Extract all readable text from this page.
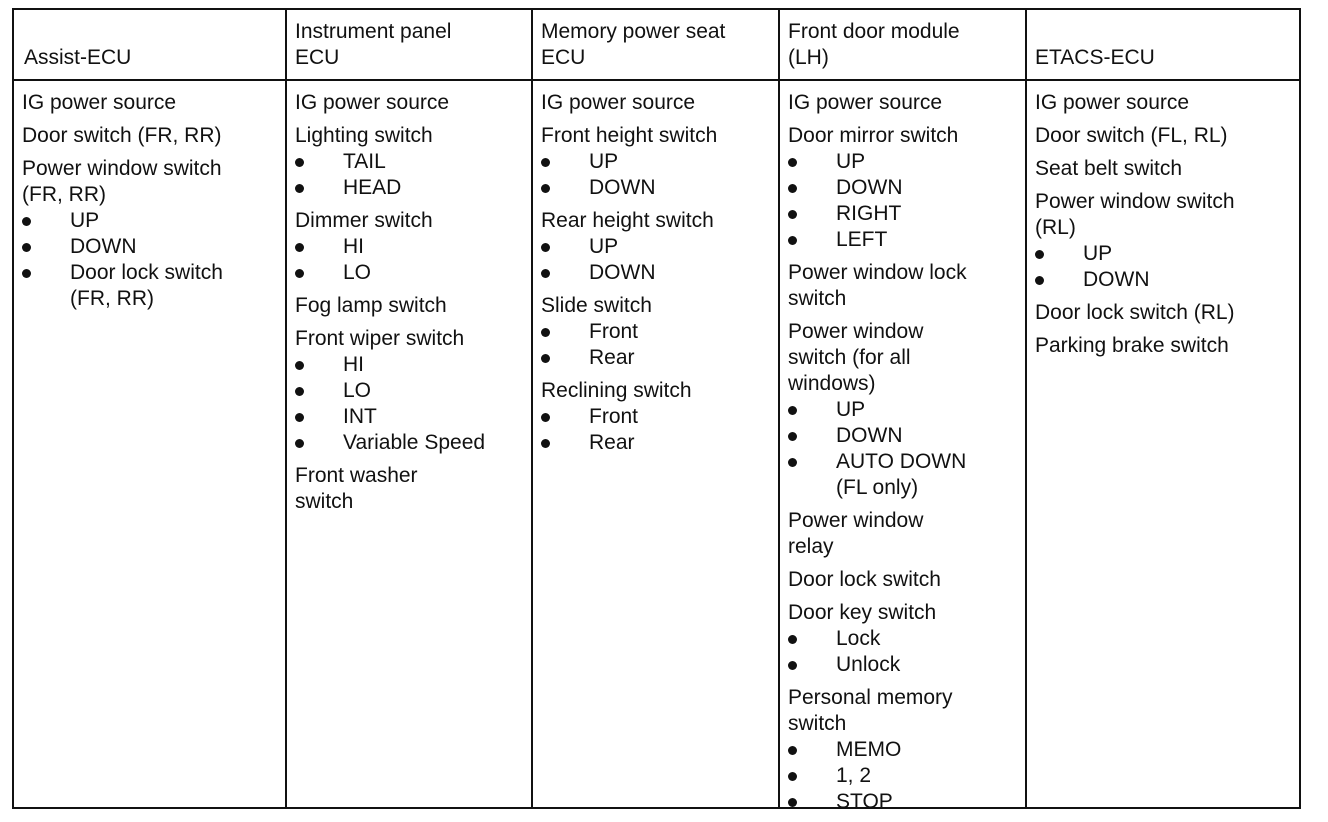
Assist-ECU
IG power source
Door switch (FR, RR)
Power window switch
(FR, RR)
UP
DOWN
Door lock switch
(FR, RR)
Instrument panel
ECU
IG power source
Lighting switch
TAIL
HEAD
Dimmer switch
HI
LO
Fog lamp switch
Front wiper switch
HI
LO
INT
Variable Speed
Front washer
switch
Memory power seat
ECU
IG power source
Front height switch
UP
DOWN
Rear height switch
UP
DOWN
Slide switch
Front
Rear
Reclining switch
Front
Rear
Front door module
(LH)
IG power source
Door mirror switch
UP
DOWN
RIGHT
LEFT
Power window lock
switch
Power window
switch (for all
windows)
UP
DOWN
AUTO DOWN
(FL only)
Power window
relay
Door lock switch
Door key switch
Lock
Unlock
Personal memory
switch
MEMO
1, 2
STOP
ETACS-ECU
IG power source
Door switch (FL, RL)
Seat belt switch
Power window switch
(RL)
UP
DOWN
Door lock switch (RL)
Parking brake switch
